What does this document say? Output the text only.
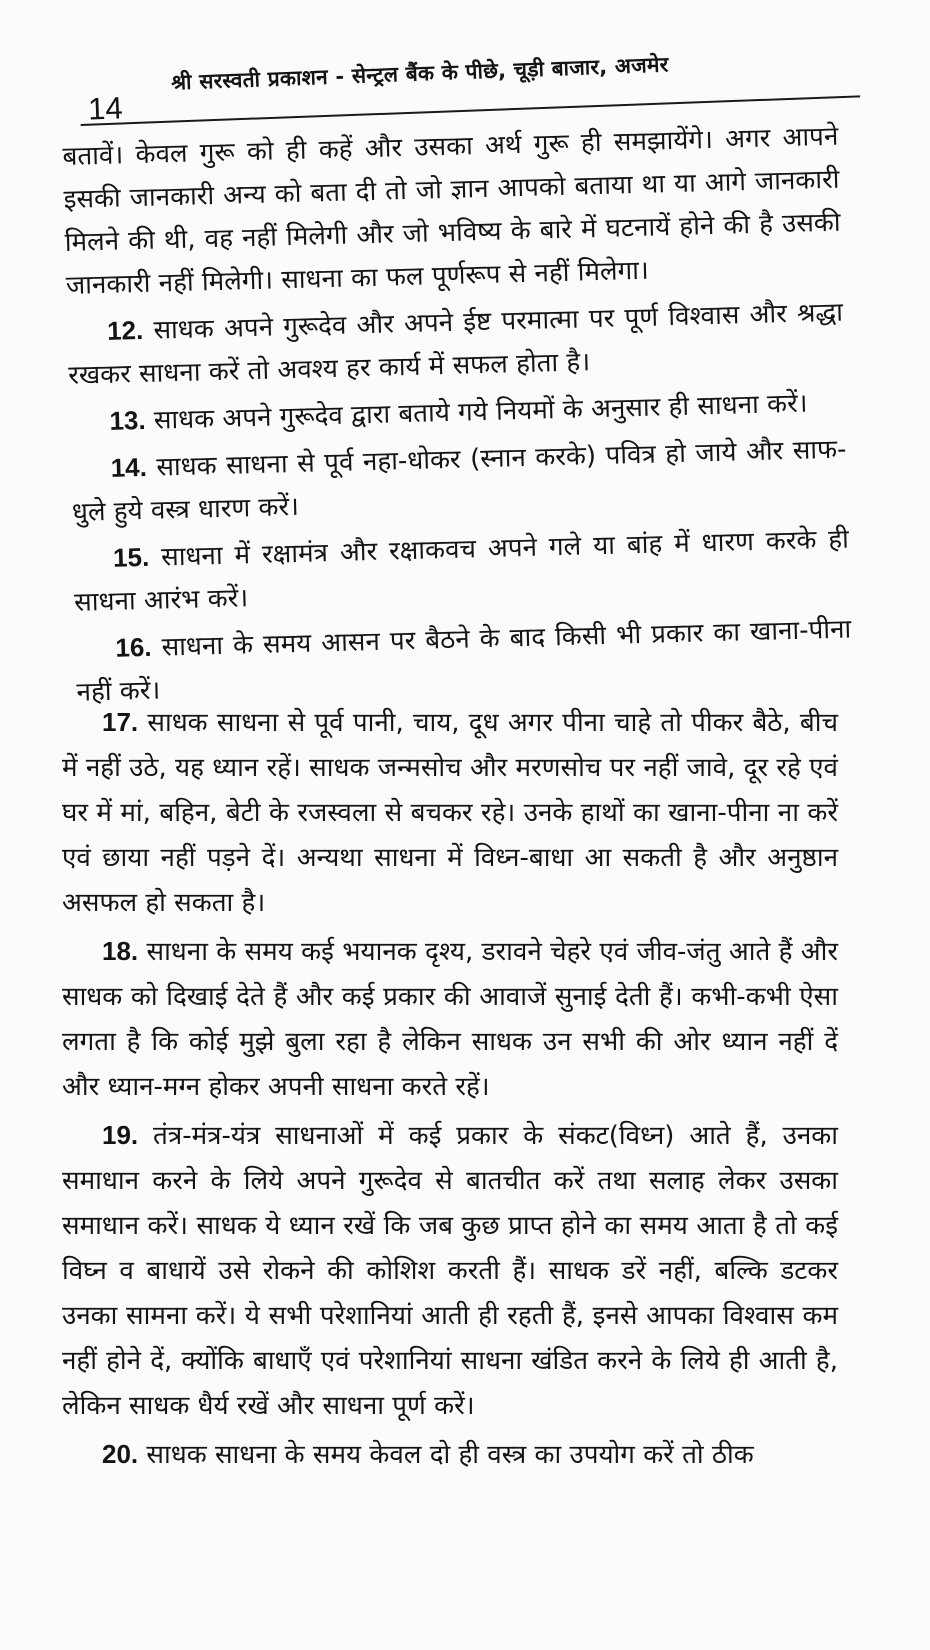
14
श्री सरस्वती प्रकाशन - सेन्ट्रल बैंक के पीछे, चूड़ी बाजार, अजमेर

बतावें। केवल गुरू को ही कहें और उसका अर्थ गुरू ही समझायेंगे। अगर आपने इसकी जानकारी अन्य को बता दी तो जो ज्ञान आपको बताया था या आगे जानकारी मिलने की थी, वह नहीं मिलेगी और जो भविष्य के बारे में घटनायें होने की है उसकी जानकारी नहीं मिलेगी। साधना का फल पूर्णरूप से नहीं मिलेगा।

12. साधक अपने गुरूदेव और अपने ईष्ट परमात्मा पर पूर्ण विश्वास और श्रद्धा रखकर साधना करें तो अवश्य हर कार्य में सफल होता है।

13. साधक अपने गुरूदेव द्वारा बताये गये नियमों के अनुसार ही साधना करें।

14. साधक साधना से पूर्व नहा-धोकर (स्नान करके) पवित्र हो जाये और साफ-धुले हुये वस्त्र धारण करें।

15. साधना में रक्षामंत्र और रक्षाकवच अपने गले या बांह में धारण करके ही साधना आरंभ करें।

16. साधना के समय आसन पर बैठने के बाद किसी भी प्रकार का खाना-पीना नहीं करें।

17. साधक साधना से पूर्व पानी, चाय, दूध अगर पीना चाहे तो पीकर बैठे, बीच में नहीं उठे, यह ध्यान रहें। साधक जन्मसोच और मरणसोच पर नहीं जावे, दूर रहे एवं घर में मां, बहिन, बेटी के रजस्वला से बचकर रहे। उनके हाथों का खाना-पीना ना करें एवं छाया नहीं पड़ने दें। अन्यथा साधना में विध्न-बाधा आ सकती है और अनुष्ठान असफल हो सकता है।

18. साधना के समय कई भयानक दृश्य, डरावने चेहरे एवं जीव-जंतु आते हैं और साधक को दिखाई देते हैं और कई प्रकार की आवाजें सुनाई देती हैं। कभी-कभी ऐसा लगता है कि कोई मुझे बुला रहा है लेकिन साधक उन सभी की ओर ध्यान नहीं दें और ध्यान-मग्न होकर अपनी साधना करते रहें।

19. तंत्र-मंत्र-यंत्र साधनाओं में कई प्रकार के संकट(विध्न) आते हैं, उनका समाधान करने के लिये अपने गुरूदेव से बातचीत करें तथा सलाह लेकर उसका समाधान करें। साधक ये ध्यान रखें कि जब कुछ प्राप्त होने का समय आता है तो कई विघ्न व बाधायें उसे रोकने की कोशिश करती हैं। साधक डरें नहीं, बल्कि डटकर उनका सामना करें। ये सभी परेशानियां आती ही रहती हैं, इनसे आपका विश्वास कम नहीं होने दें, क्योंकि बाधाएँ एवं परेशानियां साधना खंडित करने के लिये ही आती है, लेकिन साधक धैर्य रखें और साधना पूर्ण करें।

20. साधक साधना के समय केवल दो ही वस्त्र का उपयोग करें तो ठीक
